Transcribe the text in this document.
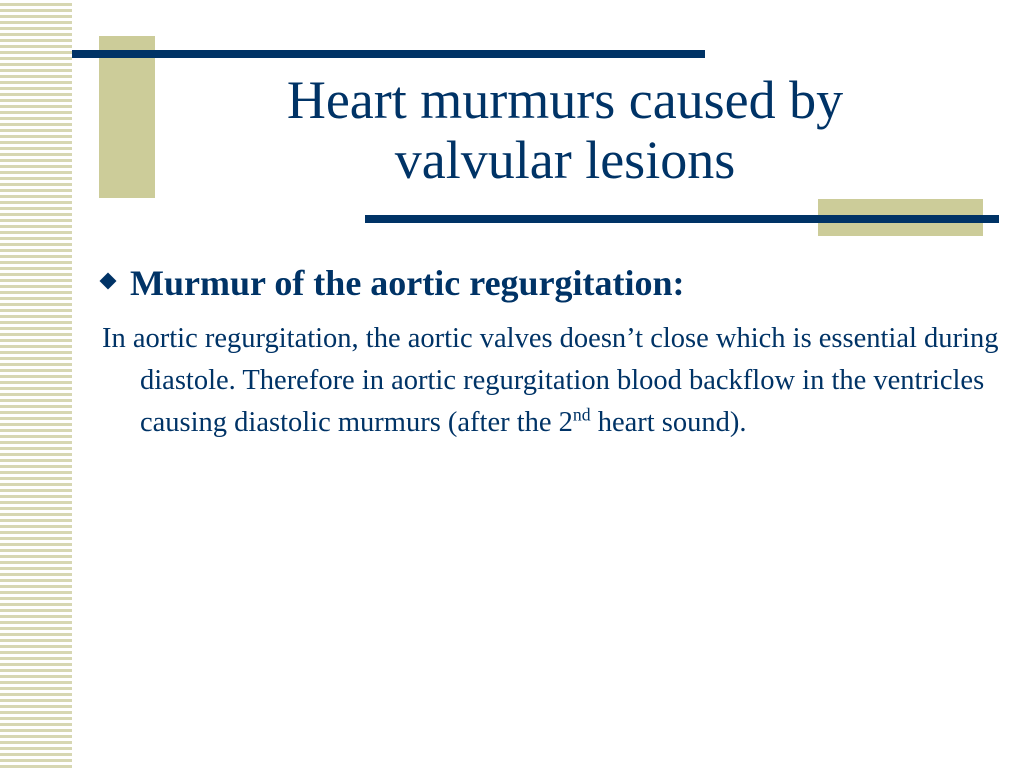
Heart murmurs caused by
valvular lesions
Murmur of the aortic regurgitation:

In aortic regurgitation, the aortic valves doesn’t close which is essential during diastole. Therefore in aortic regurgitation blood backflow in the ventricles causing diastolic murmurs (after the 2nd heart sound).
